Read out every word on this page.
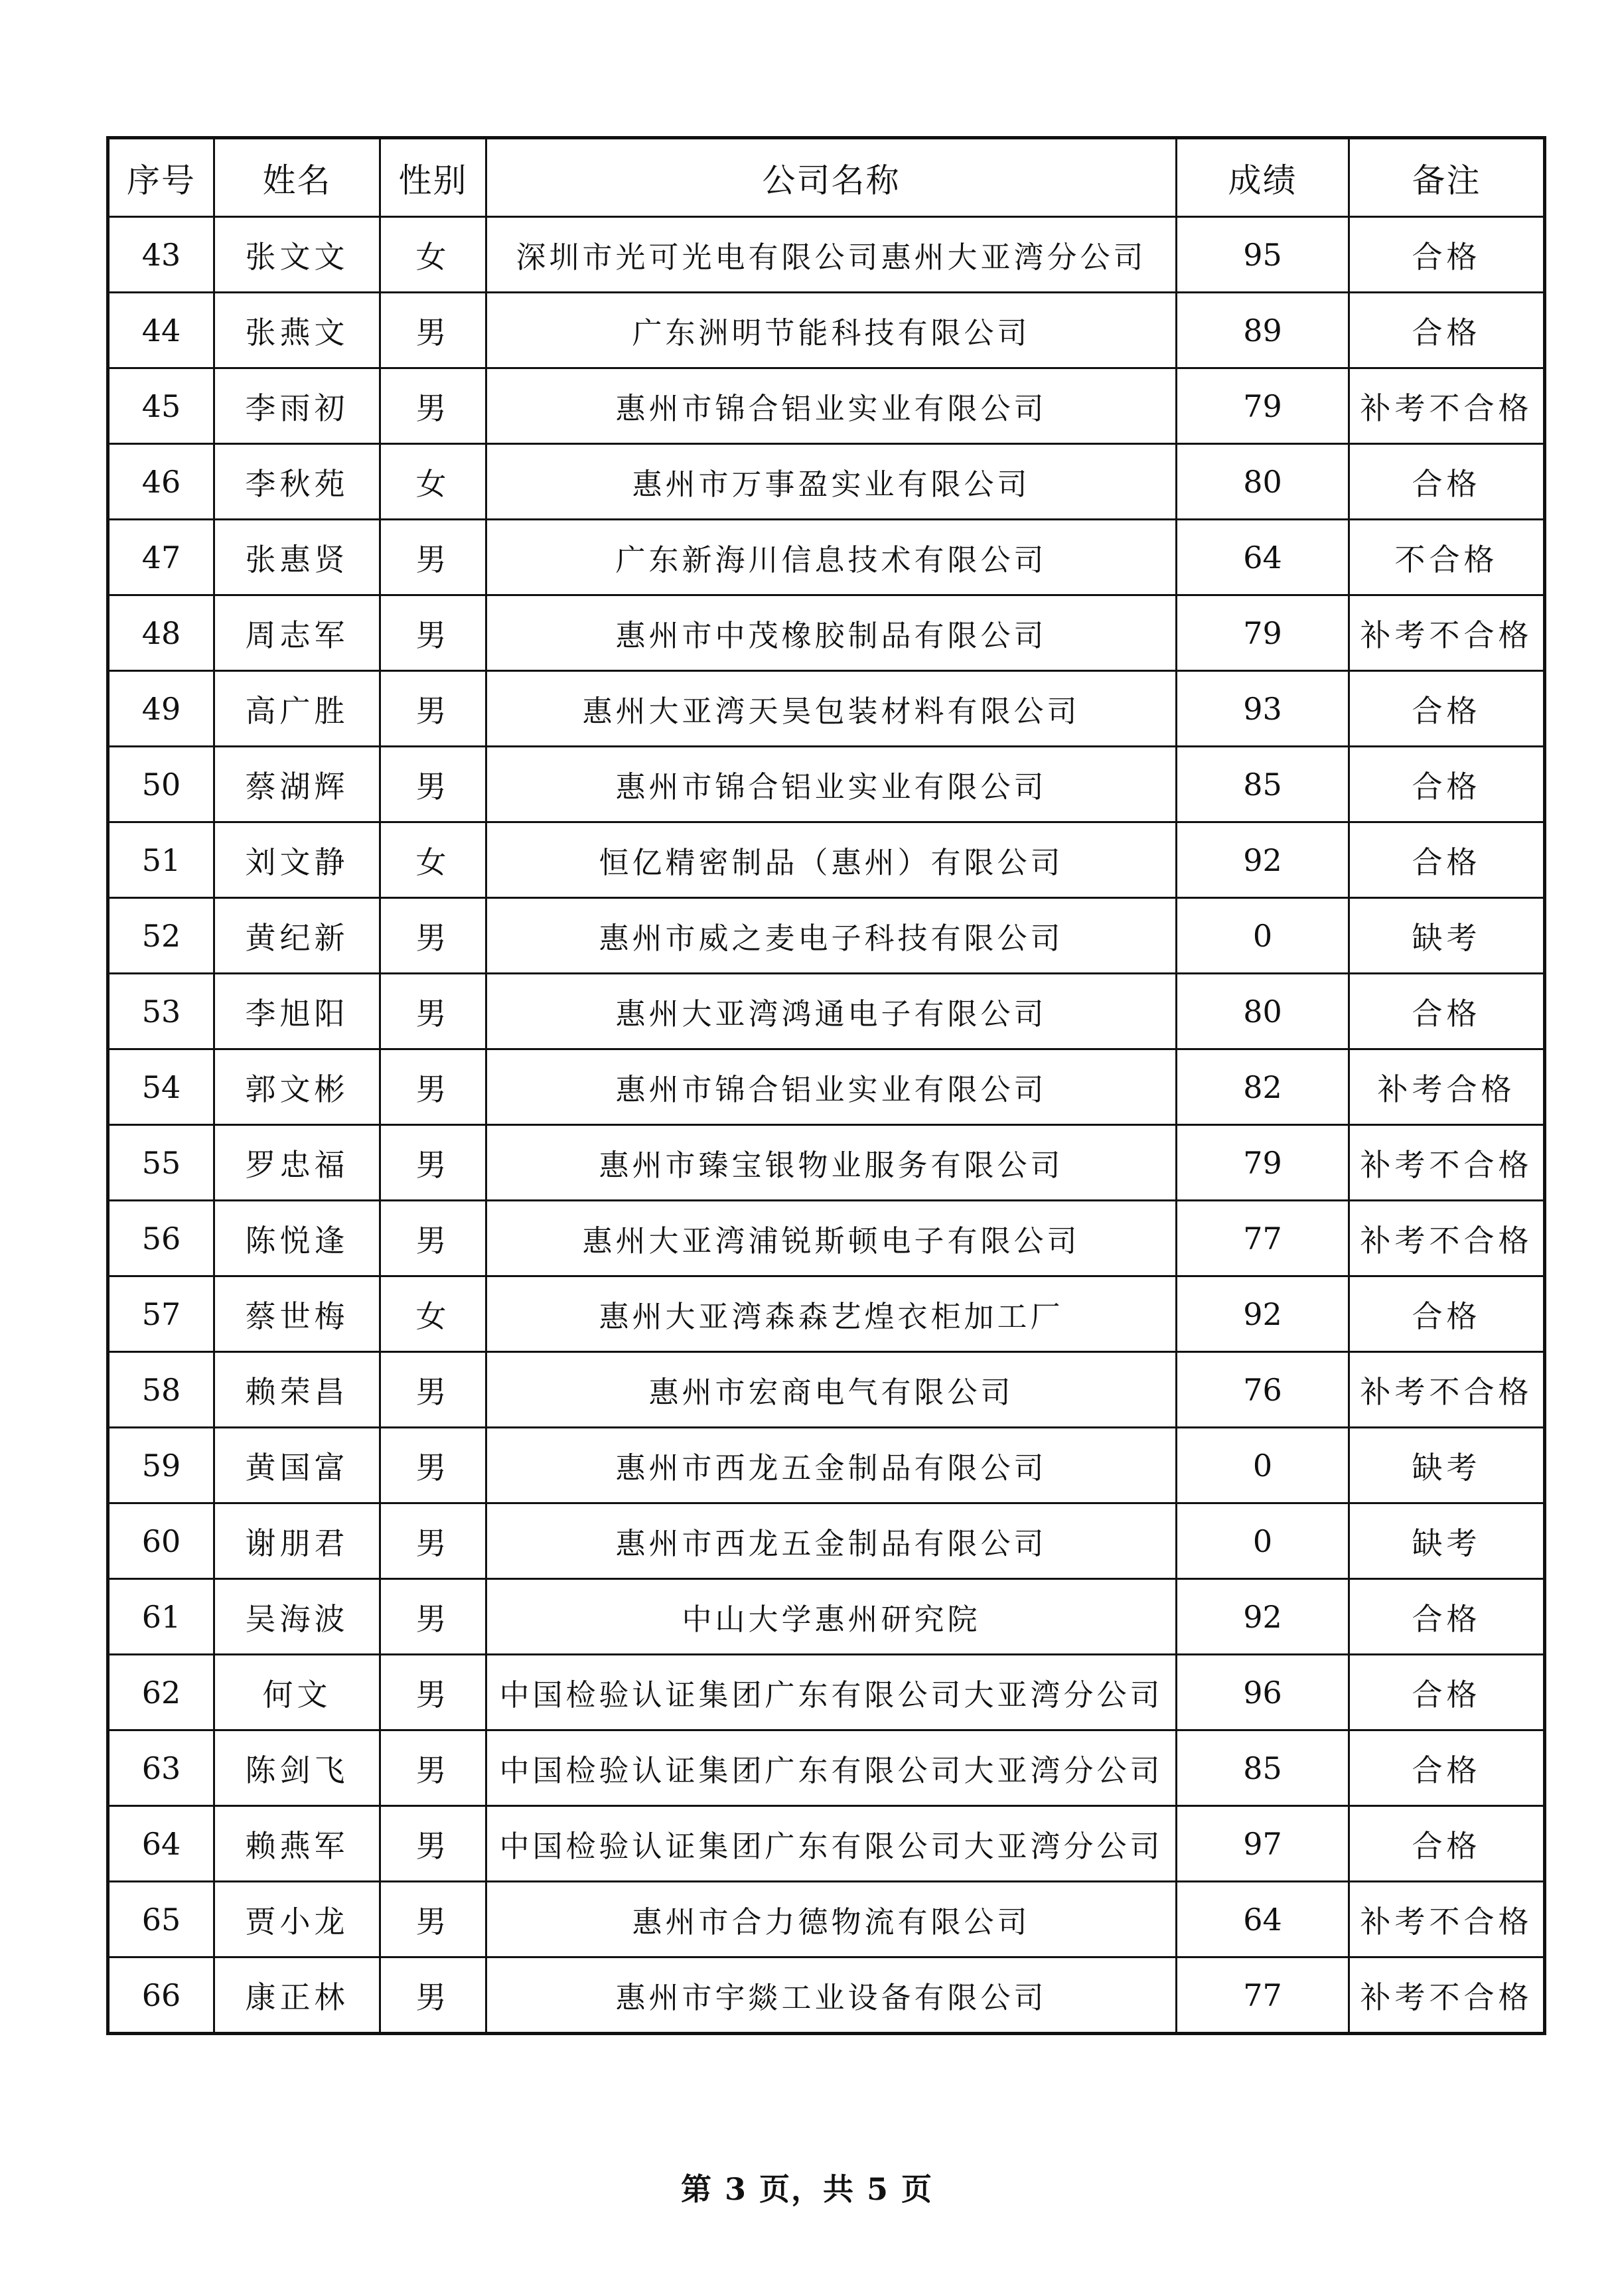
序号	姓名	性别	公司名称	成绩	备注
43	张文文	女	深圳市光可光电有限公司惠州大亚湾分公司	95	合格
44	张燕文	男	广东洲明节能科技有限公司	89	合格
45	李雨初	男	惠州市锦合铝业实业有限公司	79	补考不合格
46	李秋苑	女	惠州市万事盈实业有限公司	80	合格
47	张惠贤	男	广东新海川信息技术有限公司	64	不合格
48	周志军	男	惠州市中茂橡胶制品有限公司	79	补考不合格
49	高广胜	男	惠州大亚湾天昊包装材料有限公司	93	合格
50	蔡湖辉	男	惠州市锦合铝业实业有限公司	85	合格
51	刘文静	女	恒亿精密制品（惠州）有限公司	92	合格
52	黄纪新	男	惠州市威之麦电子科技有限公司	0	缺考
53	李旭阳	男	惠州大亚湾鸿通电子有限公司	80	合格
54	郭文彬	男	惠州市锦合铝业实业有限公司	82	补考合格
55	罗忠福	男	惠州市臻宝银物业服务有限公司	79	补考不合格
56	陈悦逢	男	惠州大亚湾浦锐斯顿电子有限公司	77	补考不合格
57	蔡世梅	女	惠州大亚湾森森艺煌衣柜加工厂	92	合格
58	赖荣昌	男	惠州市宏商电气有限公司	76	补考不合格
59	黄国富	男	惠州市西龙五金制品有限公司	0	缺考
60	谢朋君	男	惠州市西龙五金制品有限公司	0	缺考
61	吴海波	男	中山大学惠州研究院	92	合格
62	何文	男	中国检验认证集团广东有限公司大亚湾分公司	96	合格
63	陈剑飞	男	中国检验认证集团广东有限公司大亚湾分公司	85	合格
64	赖燕军	男	中国检验认证集团广东有限公司大亚湾分公司	97	合格
65	贾小龙	男	惠州市合力德物流有限公司	64	补考不合格
66	康正林	男	惠州市宇燚工业设备有限公司	77	补考不合格
第 3 页，共 5 页
